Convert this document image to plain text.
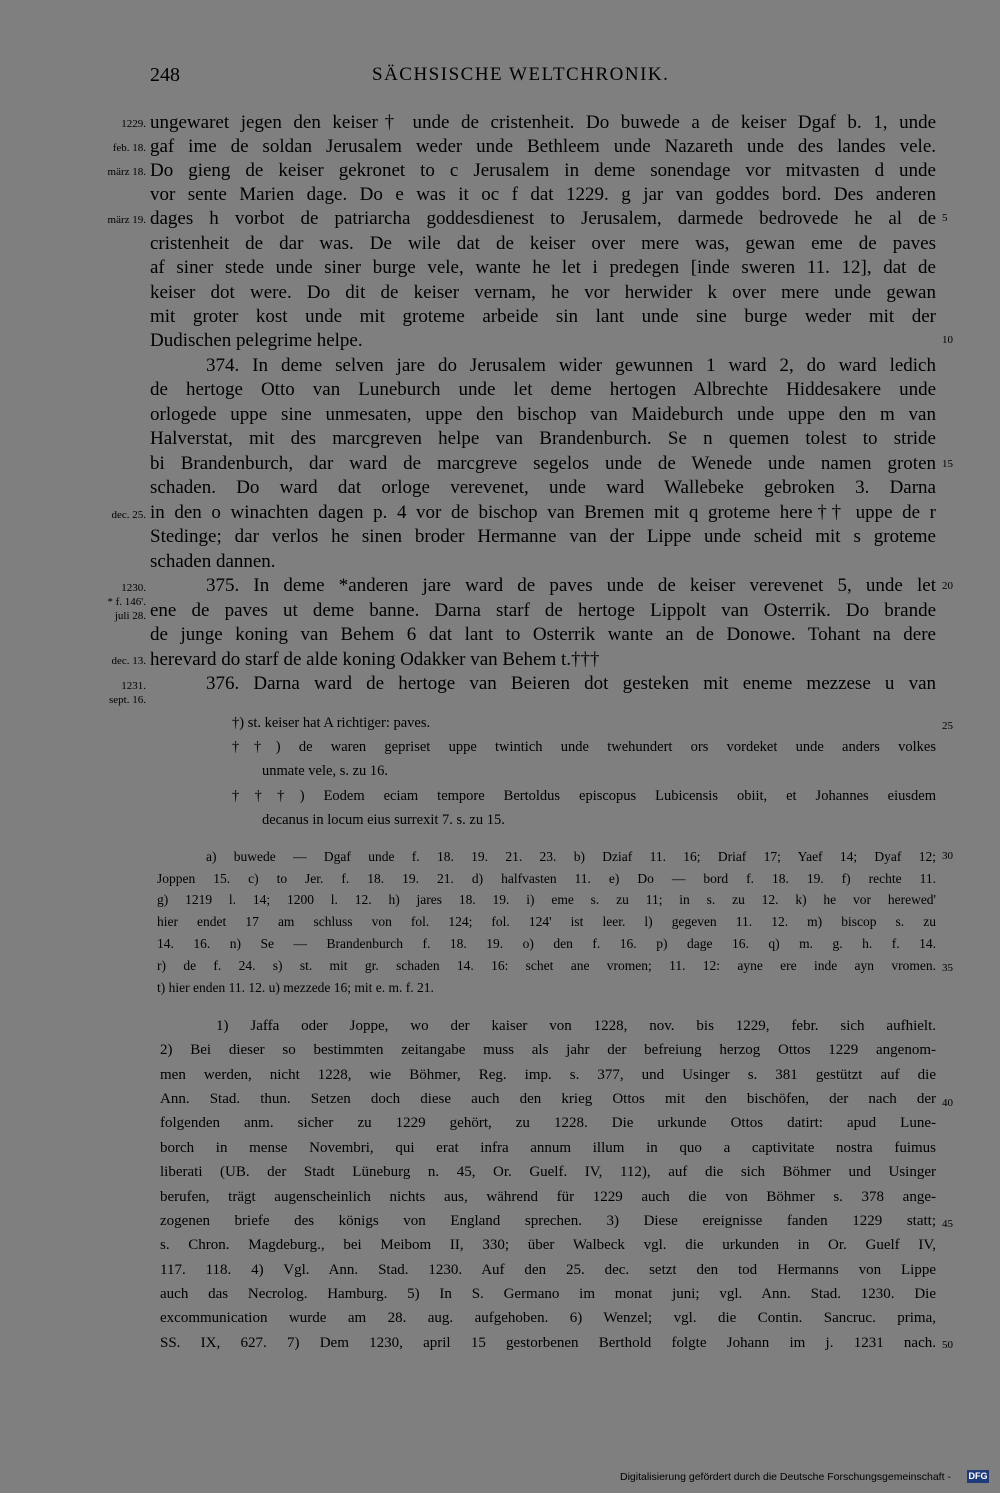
248	SÄCHSISCHE WELTCHRONIK.
1229.
feb. 18.
märz 18.
märz 19.
dec. 25.
1230.
* f. 146'.
juli 28.
dec. 13.
1231.
sept. 16.
5
10
15
20
25
30
35
40
45
50
ungewaret jegen den keiser† unde de cristenheit. Do buwede a de keiser Dgaf b. 1, unde
gaf ime de soldan Jerusalem weder unde Bethleem unde Nazareth unde des landes vele.
Do gieng de keiser gekronet to c Jerusalem in deme sonendage vor mitvasten d unde
vor sente Marien dage. Do e was it oc f dat 1229. g jar van goddes bord. Des anderen
dages h vorbot de patriarcha goddesdienest to Jerusalem, darmede bedrovede he al de
cristenheit de dar was. De wile dat de keiser over mere was, gewan eme de paves
af siner stede unde siner burge vele, wante he let i predegen [inde sweren 11. 12], dat de
keiser dot were. Do dit de keiser vernam, he vor herwider k over mere unde gewan
mit groter kost unde mit groteme arbeide sin lant unde sine burge weder mit der
Dudischen pelegrime helpe.
374. In deme selven jare do Jerusalem wider gewunnen 1 ward 2, do ward ledich
de hertoge Otto van Luneburch unde let deme hertogen Albrechte Hiddesakere unde
orlogede uppe sine unmesaten, uppe den bischop van Maideburch unde uppe den m van
Halverstat, mit des marcgreven helpe van Brandenburch. Se n quemen tolest to stride
bi Brandenburch, dar ward de marcgreve segelos unde de Wenede unde namen groten
schaden. Do ward dat orloge verevenet, unde ward Wallebeke gebroken 3. Darna
in den o winachten dagen p. 4 vor de bischop van Bremen mit q groteme here†† uppe de r
Stedinge; dar verlos he sinen broder Hermanne van der Lippe unde scheid mit s groteme
schaden dannen.
375. In deme *anderen jare ward de paves unde de keiser verevenet 5, unde let
ene de paves ut deme banne. Darna starf de hertoge Lippolt van Osterrik. Do brande
de junge koning van Behem 6 dat lant to Osterrik wante an de Donowe. Tohant na dere
herevard do starf de alde koning Odakker van Behem t.†††
376. Darna ward de hertoge van Beieren dot gesteken mit eneme mezzese u van
†) st. keiser hat A richtiger: paves.
††) de waren gepriset uppe twintich unde twehundert ors vordeket unde anders volkes
unmate vele, s. zu 16.
†††) Eodem eciam tempore Bertoldus episcopus Lubicensis obiit, et Johannes eiusdem
decanus in locum eius surrexit 7. s. zu 15.
a) buwede — Dgaf unde f. 18. 19. 21. 23. b) Dziaf 11. 16; Driaf 17; Yaef 14; Dyaf 12;
Joppen 15. c) to Jer. f. 18. 19. 21. d) halfvasten 11. e) Do — bord f. 18. 19. f) rechte 11.
g) 1219 l. 14; 1200 l. 12. h) jares 18. 19. i) eme s. zu 11; in s. zu 12. k) he vor herewed'
hier endet 17 am schluss von fol. 124; fol. 124' ist leer. l) gegeven 11. 12. m) biscop s. zu
14. 16. n) Se — Brandenburch f. 18. 19. o) den f. 16. p) dage 16. q) m. g. h. f. 14.
r) de f. 24. s) st. mit gr. schaden 14. 16: schet ane vromen; 11. 12: ayne ere inde ayn vromen.
t) hier enden 11. 12. u) mezzede 16; mit e. m. f. 21.
1) Jaffa oder Joppe, wo der kaiser von 1228, nov. bis 1229, febr. sich aufhielt.
2) Bei dieser so bestimmten zeitangabe muss als jahr der befreiung herzog Ottos 1229 angenom-
men werden, nicht 1228, wie Böhmer, Reg. imp. s. 377, und Usinger s. 381 gestützt auf die
Ann. Stad. thun. Setzen doch diese auch den krieg Ottos mit den bischöfen, der nach der
folgenden anm. sicher zu 1229 gehört, zu 1228. Die urkunde Ottos datirt: apud Lune-
borch in mense Novembri, qui erat infra annum illum in quo a captivitate nostra fuimus
liberati (UB. der Stadt Lüneburg n. 45, Or. Guelf. IV, 112), auf die sich Böhmer und Usinger
berufen, trägt augenscheinlich nichts aus, während für 1229 auch die von Böhmer s. 378 ange-
zogenen briefe des königs von England sprechen. 3) Diese ereignisse fanden 1229 statt;
s. Chron. Magdeburg., bei Meibom II, 330; über Walbeck vgl. die urkunden in Or. Guelf IV,
117. 118. 4) Vgl. Ann. Stad. 1230. Auf den 25. dec. setzt den tod Hermanns von Lippe
auch das Necrolog. Hamburg. 5) In S. Germano im monat juni; vgl. Ann. Stad. 1230. Die
excommunication wurde am 28. aug. aufgehoben. 6) Wenzel; vgl. die Contin. Sancruc. prima,
SS. IX, 627. 7) Dem 1230, april 15 gestorbenen Berthold folgte Johann im j. 1231 nach.
Digitalisierung gefördert durch die Deutsche Forschungsgemeinschaft - DFG
